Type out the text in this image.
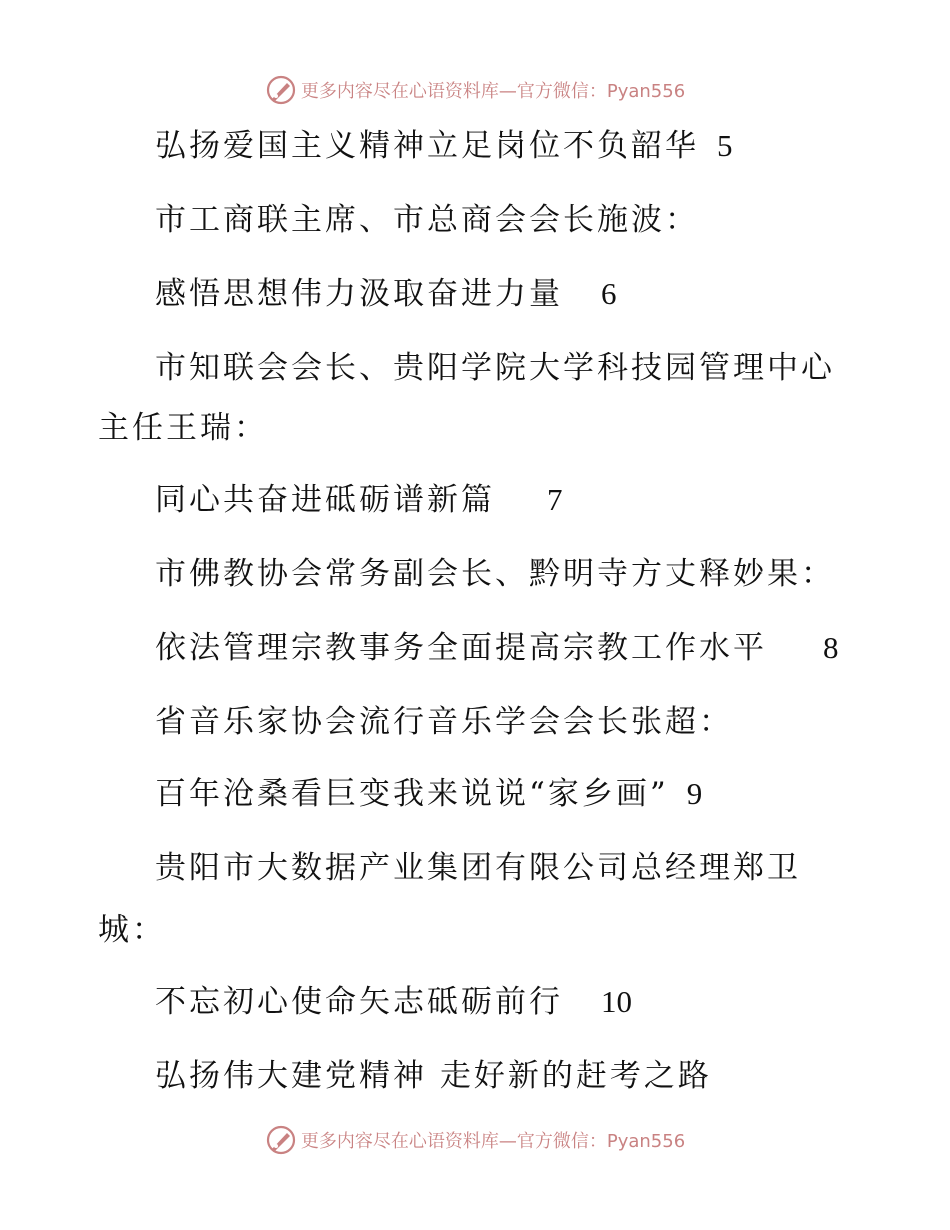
更多内容尽在心语资料库—官方微信：Pyan556
弘扬爱国主义精神立足岗位不负韶华 5
市工商联主席、市总商会会长施波：
感悟思想伟力汲取奋进力量 6
市知联会会长、贵阳学院大学科技园管理中心
主任王瑞：
同心共奋进砥砺谱新篇 7
市佛教协会常务副会长、黔明寺方丈释妙果：
依法管理宗教事务全面提高宗教工作水平 8
省音乐家协会流行音乐学会会长张超：
百年沧桑看巨变我来说说“家乡画” 9
贵阳市大数据产业集团有限公司总经理郑卫
城：
不忘初心使命矢志砥砺前行 10
弘扬伟大建党精神 走好新的赶考之路
更多内容尽在心语资料库—官方微信：Pyan556
